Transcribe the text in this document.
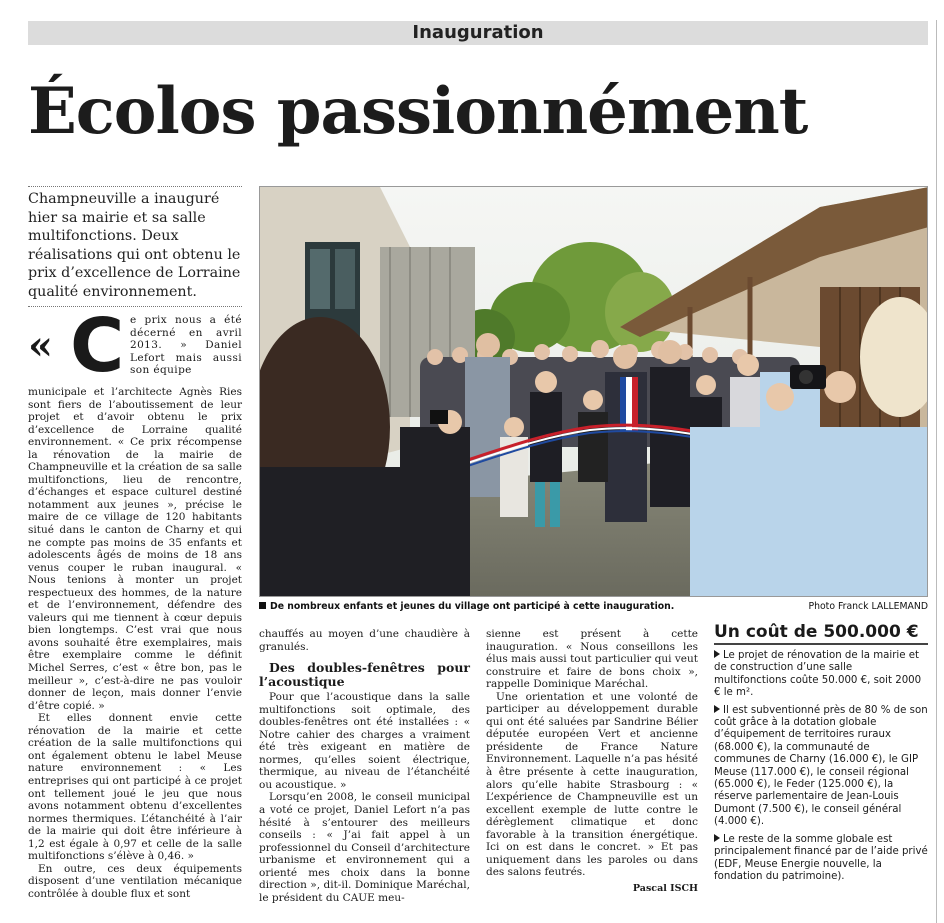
Inauguration
Écolos passionnément
Champneuville a inauguré hier sa mairie et sa salle multifonctions. Deux réalisations qui ont obtenu le prix d’excellence de Lorraine qualité environnement.
« C e prix nous a été décerné en avril 2013. » Daniel Lefort mais aussi son équipe

municipale et l’architecte Agnès Ries sont fiers de l’aboutissement de leur projet et d’avoir obtenu le prix d’excellence de Lorraine qualité environnement. « Ce prix récompense la rénovation de la mairie de Champneuville et la création de sa salle multifonctions, lieu de rencontre, d’échanges et espace culturel destiné notamment aux jeunes », précise le maire de ce village de 120 habitants situé dans le canton de Charny et qui ne compte pas moins de 35 enfants et adolescents âgés de moins de 18 ans venus couper le ruban inaugural. « Nous tenions à monter un projet respectueux des hommes, de la nature et de l’environnement, défendre des valeurs qui me tiennent à cœur depuis bien longtemps. C’est vrai que nous avons souhaité être exemplaires, mais être exemplaire comme le définit Michel Serres, c’est « être bon, pas le meilleur », c’est-à-dire ne pas vouloir donner de leçon, mais donner l’envie d’être copié. »

Et elles donnent envie cette rénovation de la mairie et cette création de la salle multifonctions qui ont également obtenu le label Meuse nature environnement : « Les entreprises qui ont participé à ce projet ont tellement joué le jeu que nous avons notamment obtenu d’excellentes normes thermiques. L’étanchéité à l’air de la mairie qui doit être inférieure à 1,2 est égale à 0,97 et celle de la salle multifonctions s’élève à 0,46. »

En outre, ces deux équipements disposent d’une ventilation mécanique contrôlée à double flux et sont

De nombreux enfants et jeunes du village ont participé à cette inauguration.	Photo Franck LALLEMAND

chauffés au moyen d’une chaudière à granulés.

Des doubles-fenêtres pour l’acoustique

Pour que l’acoustique dans la salle multifonctions soit optimale, des doubles-fenêtres ont été installées : « Notre cahier des charges a vraiment été très exigeant en matière de normes, qu’elles soient électrique, thermique, au niveau de l’étanchéité ou acoustique. »

Lorsqu’en 2008, le conseil municipal a voté ce projet, Daniel Lefort n’a pas hésité à s’entourer des meilleurs conseils : « J’ai fait appel à un professionnel du Conseil d’architecture urbanisme et environnement qui a orienté mes choix dans la bonne direction », dit-il. Dominique Maréchal, le président du CAUE meu-

sienne est présent à cette inauguration. « Nous conseillons les élus mais aussi tout particulier qui veut construire et faire de bons choix », rappelle Dominique Maréchal.

Une orientation et une volonté de participer au développement durable qui ont été saluées par Sandrine Bélier députée européen Vert et ancienne présidente de France Nature Environnement. Laquelle n’a pas hésité à être présente à cette inauguration, alors qu’elle habite Strasbourg : « L’expérience de Champneuville est un excellent exemple de lutte contre le dérèglement climatique et donc favorable à la transition énergétique. Ici on est dans le concret. » Et pas uniquement dans les paroles ou dans des salons feutrés.

Pascal ISCH

Un coût de 500.000 €

Le projet de rénovation de la mairie et de construction d’une salle multifonctions coûte 50.000 €, soit 2000 € le m².

Il est subventionné près de 80 % de son coût grâce à la dotation globale d’équipement de territoires ruraux (68.000 €), la communauté de communes de Charny (16.000 €), le GIP Meuse (117.000 €), le conseil régional (65.000 €), le Feder (125.000 €), la réserve parlementaire de Jean-Louis Dumont (7.500 €), le conseil général (4.000 €).

Le reste de la somme globale est principalement financé par de l’aide privé (EDF, Meuse Energie nouvelle, la fondation du patrimoine).
